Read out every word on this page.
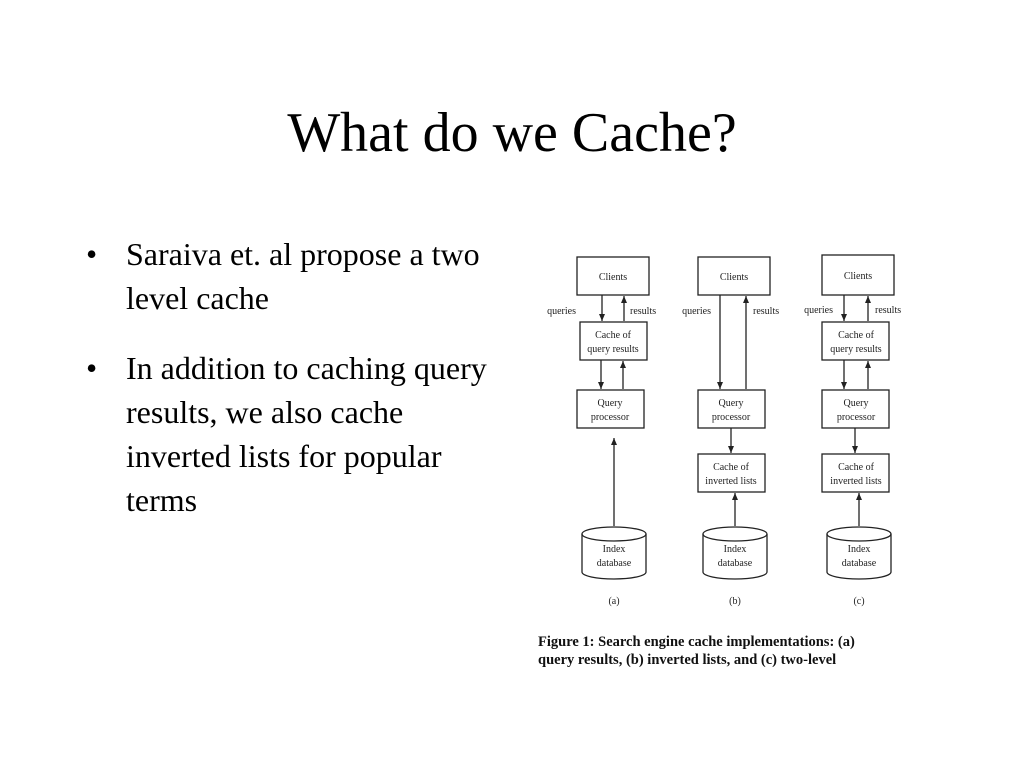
What do we Cache?
• Saraiva et. al propose a two level cache
• In addition to caching query results, we also cache inverted lists for popular terms
Clients
queries	results
Cache of
query results
Query
processor
Index
database
(a)
Clients
queries	results
Query
processor
Cache of
inverted lists
Index
database
(b)
Clients
queries	results
Cache of
query results
Query
processor
Cache of
inverted lists
Index
database
(c)
Figure 1: Search engine cache implementations: (a)
query results, (b) inverted lists, and (c) two-level
